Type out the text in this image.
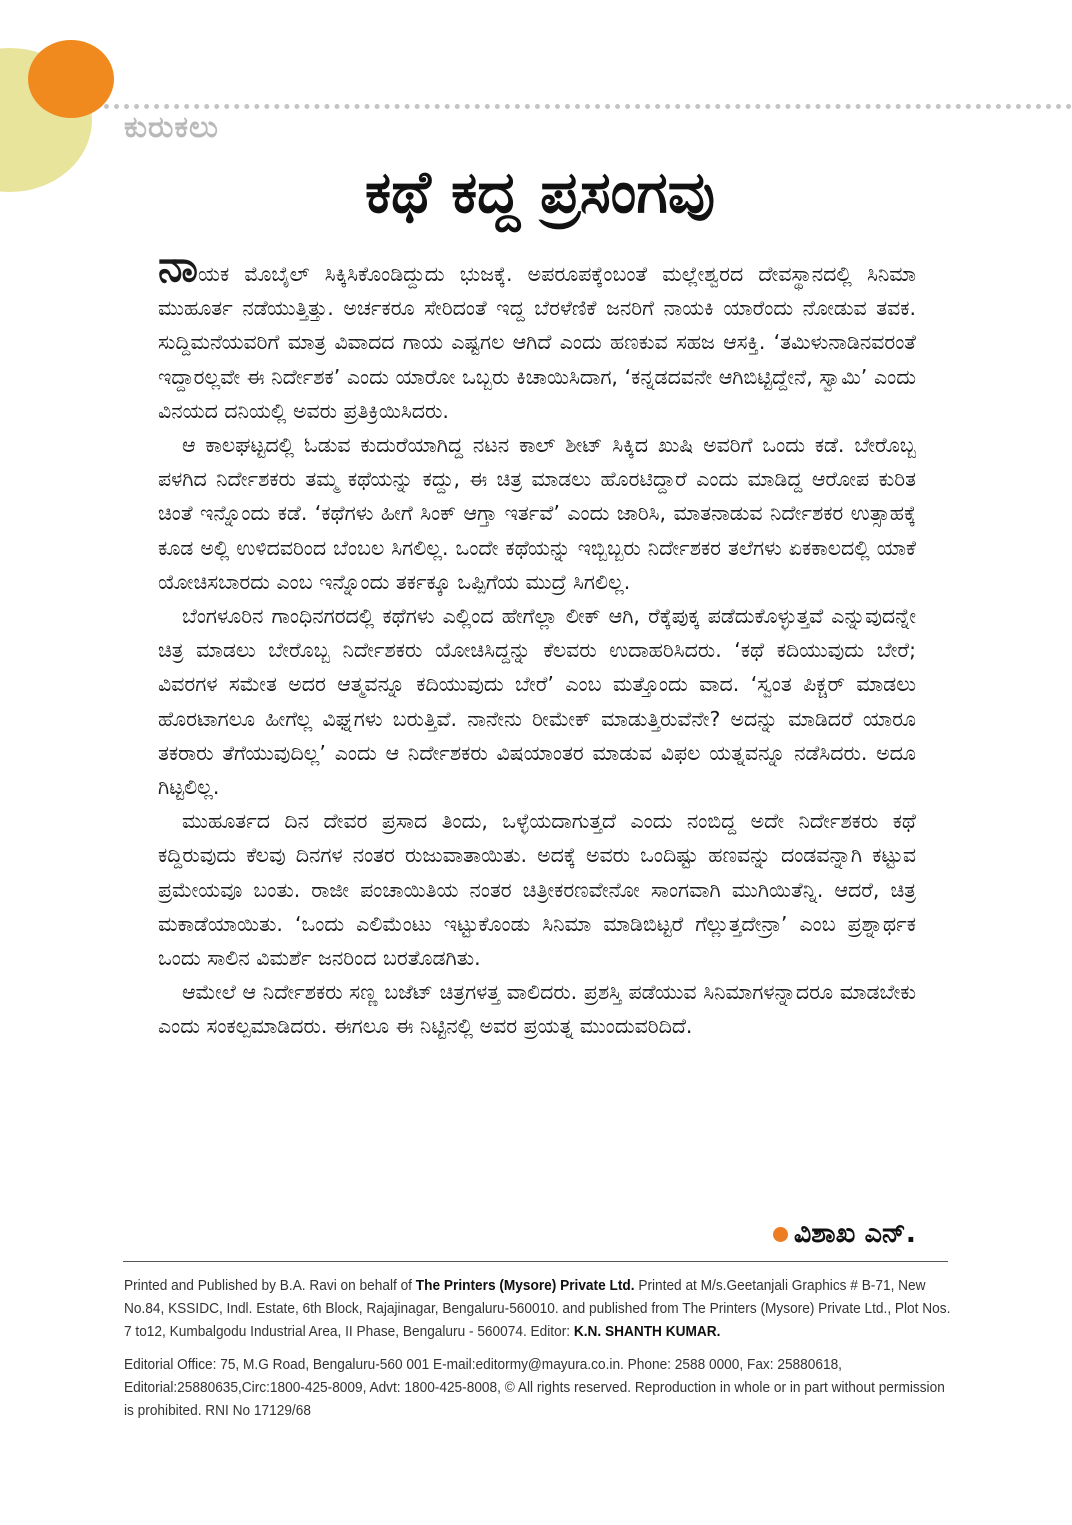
ಕುರುಕಲು
ಕಥೆ ಕದ್ದ ಪ್ರಸಂಗವು

ನಾಯಕ ಮೊಬೈಲ್ ಸಿಕ್ಕಿಸಿಕೊಂಡಿದ್ದುದು ಭುಜಕ್ಕೆ. ಅಪರೂಪಕ್ಕೆಂಬಂತೆ ಮಲ್ಲೇಶ್ವರದ ದೇವಸ್ಥಾನದಲ್ಲಿ ಸಿನಿಮಾ ಮುಹೂರ್ತ ನಡೆಯುತ್ತಿತ್ತು. ಅರ್ಚಕರೂ ಸೇರಿದಂತೆ ಇದ್ದ ಬೆರಳೆಣಿಕೆ ಜನರಿಗೆ ನಾಯಕಿ ಯಾರೆಂದು ನೋಡುವ ತವಕ. ಸುದ್ದಿಮನೆಯವರಿಗೆ ಮಾತ್ರ ವಿವಾದದ ಗಾಯ ಎಷ್ಟಗಲ ಆಗಿದೆ ಎಂದು ಹಣಕುವ ಸಹಜ ಆಸಕ್ತಿ. ‘ತಮಿಳುನಾಡಿನವರಂತೆ ಇದ್ದಾರಲ್ಲವೇ ಈ ನಿರ್ದೇಶಕ’ ಎಂದು ಯಾರೋ ಒಬ್ಬರು ಕಿಚಾಯಿಸಿದಾಗ, ‘ಕನ್ನಡದವನೇ ಆಗಿಬಿಟ್ಟಿದ್ದೇನೆ, ಸ್ವಾಮಿ’ ಎಂದು ವಿನಯದ ದನಿಯಲ್ಲಿ ಅವರು ಪ್ರತಿಕ್ರಿಯಿಸಿದರು.

ಆ ಕಾಲಘಟ್ಟದಲ್ಲಿ ಓಡುವ ಕುದುರೆಯಾಗಿದ್ದ ನಟನ ಕಾಲ್ ಶೀಟ್ ಸಿಕ್ಕಿದ ಖುಷಿ ಅವರಿಗೆ ಒಂದು ಕಡೆ. ಬೇರೊಬ್ಬ ಪಳಗಿದ ನಿರ್ದೇಶಕರು ತಮ್ಮ ಕಥೆಯನ್ನು ಕದ್ದು, ಈ ಚಿತ್ರ ಮಾಡಲು ಹೊರಟಿದ್ದಾರೆ ಎಂದು ಮಾಡಿದ್ದ ಆರೋಪ ಕುರಿತ ಚಿಂತೆ ಇನ್ನೊಂದು ಕಡೆ. ‘ಕಥೆಗಳು ಹೀಗೆ ಸಿಂಕ್ ಆಗ್ತಾ ಇರ್ತವೆ’ ಎಂದು ಜಾರಿಸಿ, ಮಾತನಾಡುವ ನಿರ್ದೇಶಕರ ಉತ್ಸಾಹಕ್ಕೆ ಕೂಡ ಅಲ್ಲಿ ಉಳಿದವರಿಂದ ಬೆಂಬಲ ಸಿಗಲಿಲ್ಲ. ಒಂದೇ ಕಥೆಯನ್ನು ಇಬ್ಬಿಬ್ಬರು ನಿರ್ದೇಶಕರ ತಲೆಗಳು ಏಕಕಾಲದಲ್ಲಿ ಯಾಕೆ ಯೋಚಿಸಬಾರದು ಎಂಬ ಇನ್ನೊಂದು ತರ್ಕಕ್ಕೂ ಒಪ್ಪಿಗೆಯ ಮುದ್ರೆ ಸಿಗಲಿಲ್ಲ.

ಬೆಂಗಳೂರಿನ ಗಾಂಧಿನಗರದಲ್ಲಿ ಕಥೆಗಳು ಎಲ್ಲಿಂದ ಹೇಗೆಲ್ಲಾ ಲೀಕ್ ಆಗಿ, ರೆಕ್ಕೆಪುಕ್ಕ ಪಡೆದುಕೊಳ್ಳುತ್ತವೆ ಎನ್ನುವುದನ್ನೇ ಚಿತ್ರ ಮಾಡಲು ಬೇರೊಬ್ಬ ನಿರ್ದೇಶಕರು ಯೋಚಿಸಿದ್ದನ್ನು ಕೆಲವರು ಉದಾಹರಿಸಿದರು. ‘ಕಥೆ ಕದಿಯುವುದು ಬೇರೆ; ವಿವರಗಳ ಸಮೇತ ಅದರ ಆತ್ಮವನ್ನೂ ಕದಿಯುವುದು ಬೇರೆ’ ಎಂಬ ಮತ್ತೊಂದು ವಾದ. ‘ಸ್ವಂತ ಪಿಕ್ಚರ್ ಮಾಡಲು ಹೊರಟಾಗಲೂ ಹೀಗೆಲ್ಲ ವಿಘ್ನಗಳು ಬರುತ್ತಿವೆ. ನಾನೇನು ರೀಮೇಕ್ ಮಾಡುತ್ತಿರುವೆನೇ? ಅದನ್ನು ಮಾಡಿದರೆ ಯಾರೂ ತಕರಾರು ತೆಗೆಯುವುದಿಲ್ಲ’ ಎಂದು ಆ ನಿರ್ದೇಶಕರು ವಿಷಯಾಂತರ ಮಾಡುವ ವಿಫಲ ಯತ್ನವನ್ನೂ ನಡೆಸಿದರು. ಅದೂ ಗಿಟ್ಟಲಿಲ್ಲ.

ಮುಹೂರ್ತದ ದಿನ ದೇವರ ಪ್ರಸಾದ ತಿಂದು, ಒಳ್ಳೆಯದಾಗುತ್ತದೆ ಎಂದು ನಂಬಿದ್ದ ಅದೇ ನಿರ್ದೇಶಕರು ಕಥೆ ಕದ್ದಿರುವುದು ಕೆಲವು ದಿನಗಳ ನಂತರ ರುಜುವಾತಾಯಿತು. ಅದಕ್ಕೆ ಅವರು ಒಂದಿಷ್ಟು ಹಣವನ್ನು ದಂಡವನ್ನಾಗಿ ಕಟ್ಟುವ ಪ್ರಮೇಯವೂ ಬಂತು. ರಾಜೀ ಪಂಚಾಯಿತಿಯ ನಂತರ ಚಿತ್ರೀಕರಣವೇನೋ ಸಾಂಗವಾಗಿ ಮುಗಿಯಿತೆನ್ನಿ. ಆದರೆ, ಚಿತ್ರ ಮಕಾಡೆಯಾಯಿತು. ‘ಒಂದು ಎಲಿಮೆಂಟು ಇಟ್ಟುಕೊಂಡು ಸಿನಿಮಾ ಮಾಡಿಬಿಟ್ಟರೆ ಗೆಲ್ಲುತ್ತದೇನ್ರಾ’ ಎಂಬ ಪ್ರಶ್ನಾರ್ಥಕ ಒಂದು ಸಾಲಿನ ವಿಮರ್ಶೆ ಜನರಿಂದ ಬರತೊಡಗಿತು.

ಆಮೇಲೆ ಆ ನಿರ್ದೇಶಕರು ಸಣ್ಣ ಬಜೆಟ್ ಚಿತ್ರಗಳತ್ತ ವಾಲಿದರು. ಪ್ರಶಸ್ತಿ ಪಡೆಯುವ ಸಿನಿಮಾಗಳನ್ನಾದರೂ ಮಾಡಬೇಕು ಎಂದು ಸಂಕಲ್ಪಮಾಡಿದರು. ಈಗಲೂ ಈ ನಿಟ್ಟಿನಲ್ಲಿ ಅವರ ಪ್ರಯತ್ನ ಮುಂದುವರಿದಿದೆ.

ವಿಶಾಖ ಎನ್.

Printed and Published by B.A. Ravi on behalf of The Printers (Mysore) Private Ltd. Printed at M/s.Geetanjali Graphics # B-71, New No.84, KSSIDC, Indl. Estate, 6th Block, Rajajinagar, Bengaluru-560010. and published from The Printers (Mysore) Private Ltd., Plot Nos. 7 to12, Kumbalgodu Industrial Area, II Phase, Bengaluru - 560074. Editor: K.N. SHANTH KUMAR.

Editorial Office: 75, M.G Road, Bengaluru-560 001 E-mail:editormy@mayura.co.in. Phone: 2588 0000, Fax: 25880618, Editorial:25880635,Circ:1800-425-8009, Advt: 1800-425-8008, © All rights reserved. Reproduction in whole or in part without permission is prohibited. RNI No 17129/68
